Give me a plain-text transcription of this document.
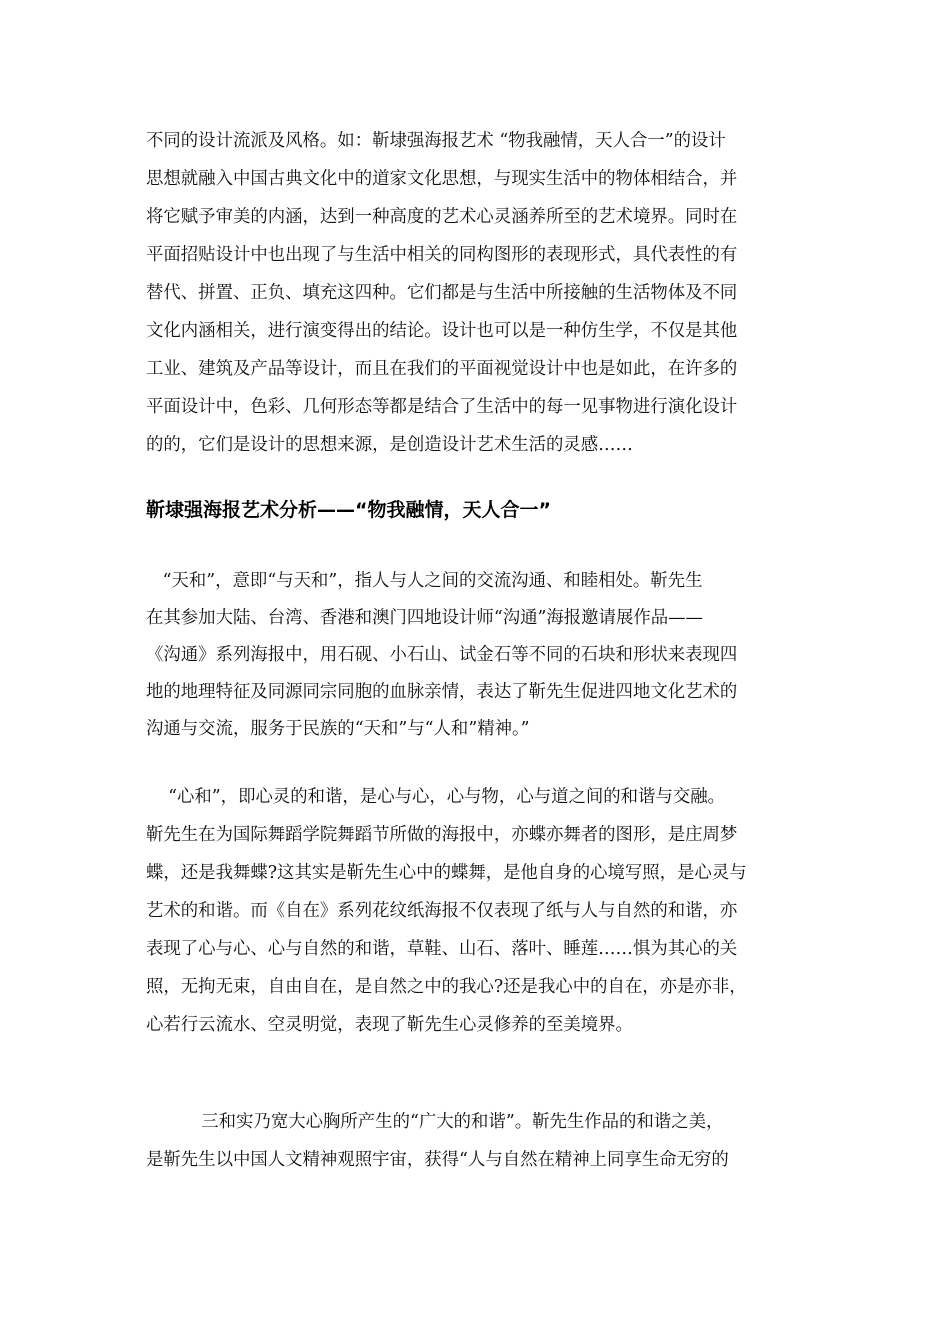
不同的设计流派及风格。如：靳埭强海报艺术 “物我融情，天人合一”的设计
思想就融入中国古典文化中的道家文化思想，与现实生活中的物体相结合，并
将它赋予审美的内涵，达到一种高度的艺术心灵涵养所至的艺术境界。同时在
平面招贴设计中也出现了与生活中相关的同构图形的表现形式，具代表性的有
替代、拼置、正负、填充这四种。它们都是与生活中所接触的生活物体及不同
文化内涵相关，进行演变得出的结论。设计也可以是一种仿生学，不仅是其他
工业、建筑及产品等设计，而且在我们的平面视觉设计中也是如此，在许多的
平面设计中，色彩、几何形态等都是结合了生活中的每一见事物进行演化设计
的的，它们是设计的思想来源，是创造设计艺术生活的灵感……
靳埭强海报艺术分析——“物我融情，天人合一”
“天和”，意即“与天和”，指人与人之间的交流沟通、和睦相处。靳先生
在其参加大陆、台湾、香港和澳门四地设计师“沟通”海报邀请展作品——
《沟通》系列海报中，用石砚、小石山、试金石等不同的石块和形状来表现四
地的地理特征及同源同宗同胞的血脉亲情，表达了靳先生促进四地文化艺术的
沟通与交流，服务于民族的“天和”与“人和”精神。”
“心和”，即心灵的和谐，是心与心，心与物，心与道之间的和谐与交融。
靳先生在为国际舞蹈学院舞蹈节所做的海报中，亦蝶亦舞者的图形，是庄周梦
蝶，还是我舞蝶?这其实是靳先生心中的蝶舞，是他自身的心境写照，是心灵与
艺术的和谐。而《自在》系列花纹纸海报不仅表现了纸与人与自然的和谐，亦
表现了心与心、心与自然的和谐，草鞋、山石、落叶、睡莲……惧为其心的关
照，无拘无束，自由自在，是自然之中的我心?还是我心中的自在，亦是亦非，
心若行云流水、空灵明觉，表现了靳先生心灵修养的至美境界。
三和实乃宽大心胸所产生的“广大的和谐”。靳先生作品的和谐之美，
是靳先生以中国人文精神观照宇宙，获得“人与自然在精神上同享生命无穷的
